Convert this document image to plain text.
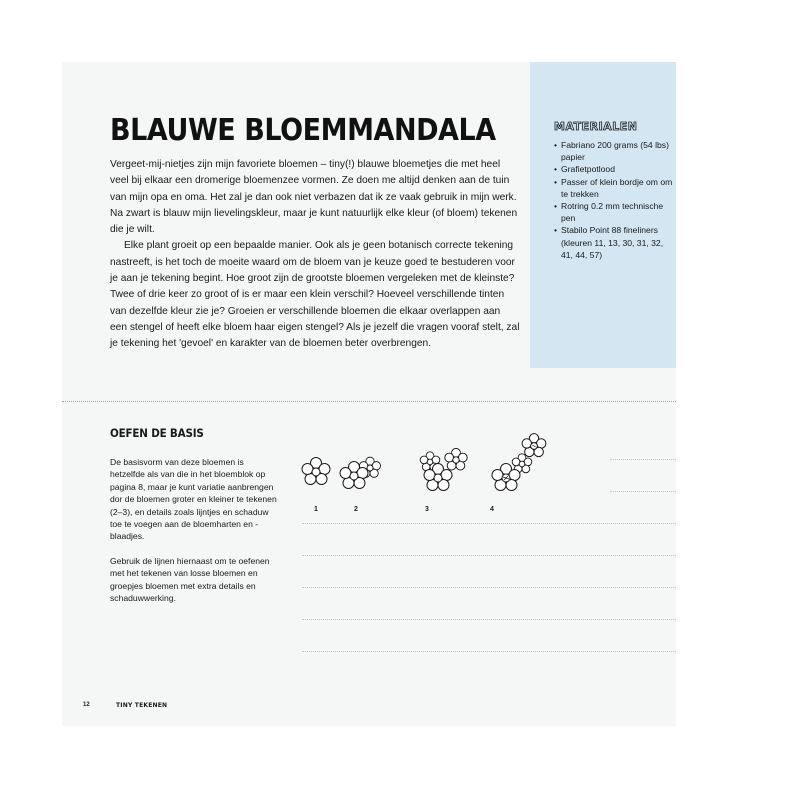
MATERIALEN
• Fabriano 200 grams (54 lbs) papier
• Grafietpotlood
• Passer of klein bordje om om te trekken
• Rotring 0.2 mm technische pen
• Stabilo Point 88 fineliners (kleuren 11, 13, 30, 31, 32, 41, 44, 57)
BLAUWE BLOEMMANDALA

Vergeet-mij-nietjes zijn mijn favoriete bloemen – tiny(!) blauwe bloemetjes die met heel veel bij elkaar een dromerige bloemenzee vormen. Ze doen me altijd denken aan de tuin van mijn opa en oma. Het zal je dan ook niet verbazen dat ik ze vaak gebruik in mijn werk. Na zwart is blauw mijn lievelingskleur, maar je kunt natuurlijk elke kleur (of bloem) tekenen die je wilt.

Elke plant groeit op een bepaalde manier. Ook als je geen botanisch correcte tekening nastreeft, is het toch de moeite waard om de bloem van je keuze goed te bestuderen voor je aan je tekening begint. Hoe groot zijn de grootste bloemen vergeleken met de kleinste? Twee of drie keer zo groot of is er maar een klein verschil? Hoeveel verschillende tinten van dezelfde kleur zie je? Groeien er verschillende bloemen die elkaar overlappen aan een stengel of heeft elke bloem haar eigen stengel? Als je jezelf die vragen vooraf stelt, zal je tekening het 'gevoel' en karakter van de bloemen beter overbrengen.

OEFEN DE BASIS

De basisvorm van deze bloemen is hetzelfde als van die in het bloemblok op pagina 8, maar je kunt variatie aanbrengen dor de bloemen groter en kleiner te tekenen (2–3), en details zoals lijntjes en schaduw toe te voegen aan de bloemharten en -blaadjes.

Gebruik de lijnen hiernaast om te oefenen met het tekenen van losse bloemen en groepjes bloemen met extra details en schaduwwerking.

1	2	3	4
12	TINY TEKENEN
